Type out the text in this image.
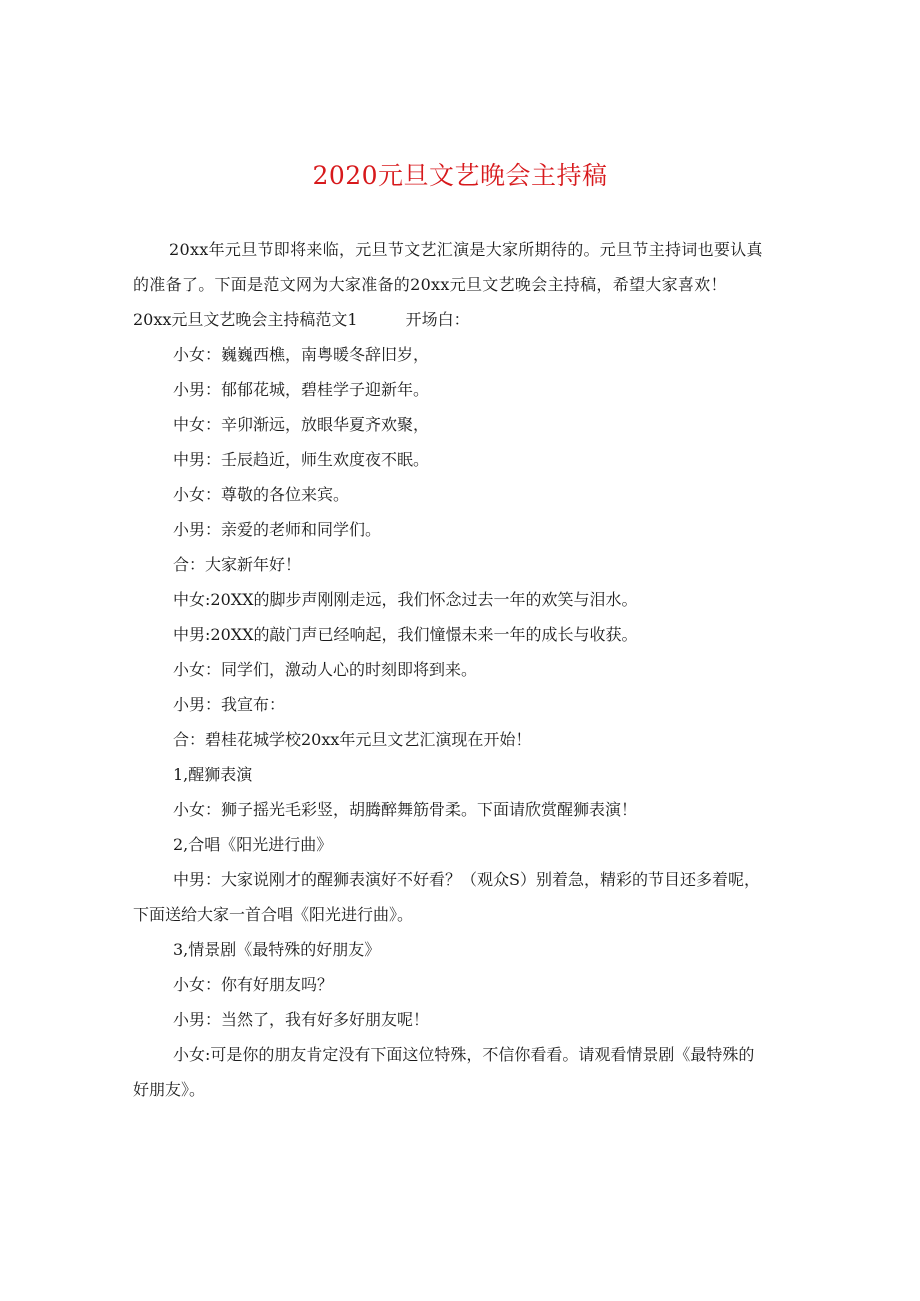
2020元旦文艺晚会主持稿
20xx年元旦节即将来临，元旦节文艺汇演是大家所期待的。元旦节主持词也要认真
的准备了。下面是范文网为大家准备的20xx元旦文艺晚会主持稿，希望大家喜欢！
20xx元旦文艺晚会主持稿范文1	开场白：
小女：巍巍西樵，南粤暖冬辞旧岁，
小男：郁郁花城，碧桂学子迎新年。
中女：辛卯渐远，放眼华夏齐欢聚，
中男：壬辰趋近，师生欢度夜不眠。
小女：尊敬的各位来宾。
小男：亲爱的老师和同学们。
合：大家新年好！
中女:20XX的脚步声刚刚走远，我们怀念过去一年的欢笑与泪水。
中男:20XX的敲门声已经响起，我们憧憬未来一年的成长与收获。
小女：同学们，激动人心的时刻即将到来。
小男：我宣布：
合：碧桂花城学校20xx年元旦文艺汇演现在开始！
1,醒狮表演
小女：狮子摇光毛彩竖，胡腾醉舞筋骨柔。下面请欣赏醒狮表演！
2,合唱《阳光进行曲》
中男：大家说刚才的醒狮表演好不好看？（观众S）别着急，精彩的节目还多着呢，
下面送给大家一首合唱《阳光进行曲》。
3,情景剧《最特殊的好朋友》
小女：你有好朋友吗？
小男：当然了，我有好多好朋友呢！
小女:可是你的朋友肯定没有下面这位特殊，不信你看看。请观看情景剧《最特殊的
好朋友》。
